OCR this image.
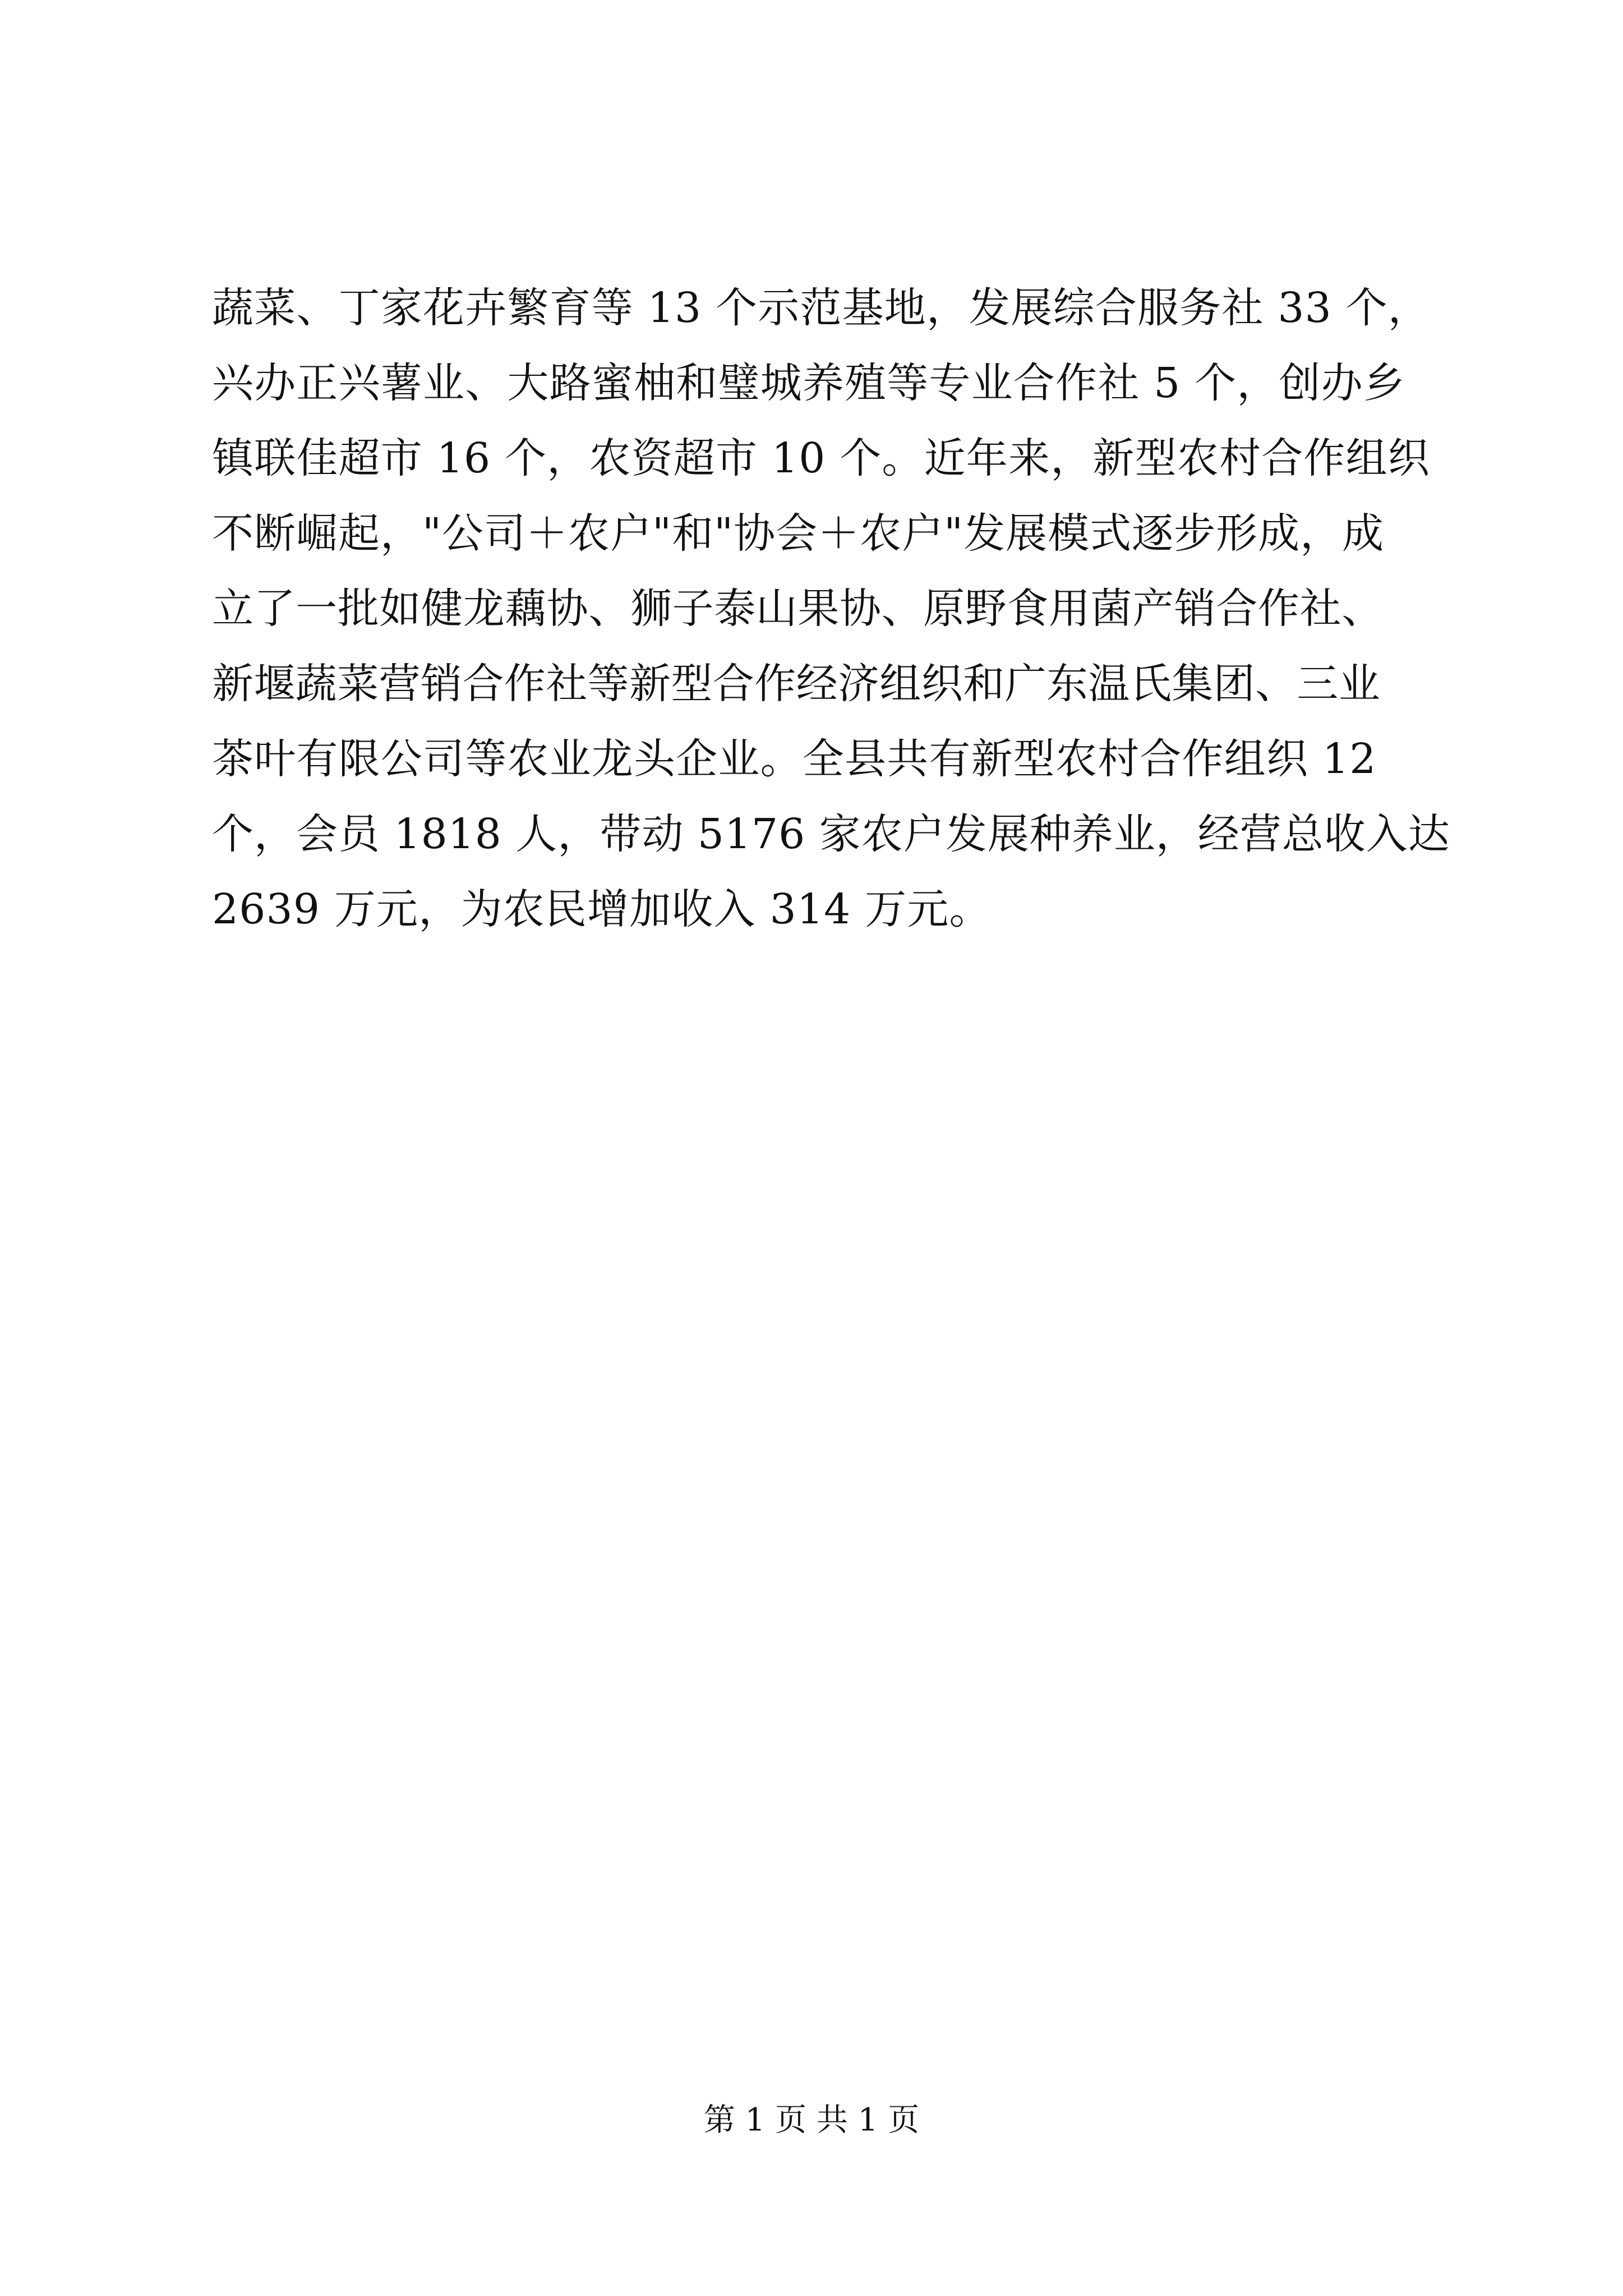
蔬菜、丁家花卉繁育等 13 个示范基地，发展综合服务社 33 个，
兴办正兴薯业、大路蜜柚和璧城养殖等专业合作社 5 个，创办乡
镇联佳超市 16 个，农资超市 10 个。近年来，新型农村合作组织
不断崛起，"公司＋农户"和"协会＋农户"发展模式逐步形成，成
立了一批如健龙藕协、狮子泰山果协、原野食用菌产销合作社、
新堰蔬菜营销合作社等新型合作经济组织和广东温氏集团、三业
茶叶有限公司等农业龙头企业。全县共有新型农村合作组织 12
个，会员 1818 人，带动 5176 家农户发展种养业，经营总收入达
2639 万元，为农民增加收入 314 万元。
第 1 页 共 1 页
